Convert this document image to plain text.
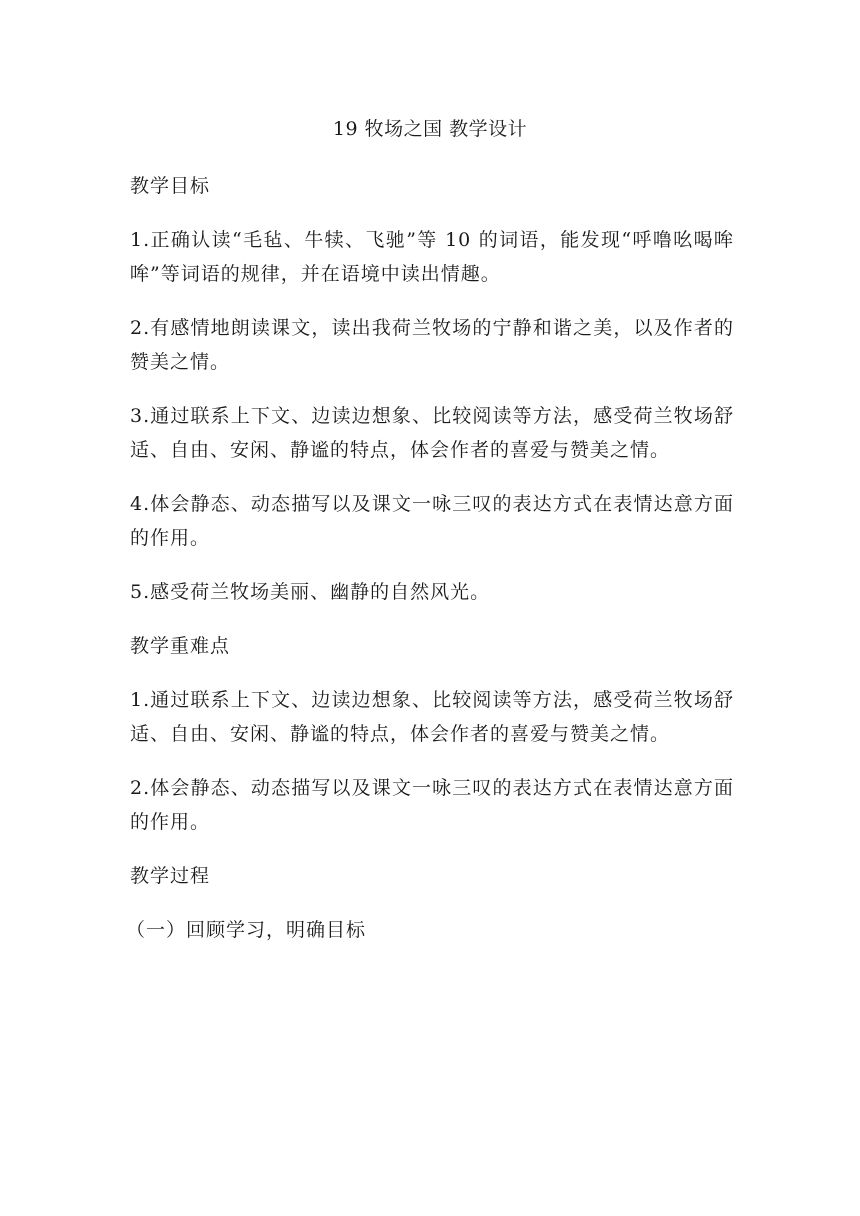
19 牧场之国 教学设计

教学目标

1.正确认读“毛毡、牛犊、飞驰”等 10 的词语，能发现“呼噜吆喝哞哞”等词语的规律，并在语境中读出情趣。

2.有感情地朗读课文，读出我荷兰牧场的宁静和谐之美，以及作者的赞美之情。

3.通过联系上下文、边读边想象、比较阅读等方法，感受荷兰牧场舒适、自由、安闲、静谧的特点，体会作者的喜爱与赞美之情。

4.体会静态、动态描写以及课文一咏三叹的表达方式在表情达意方面的作用。

5.感受荷兰牧场美丽、幽静的自然风光。

教学重难点

1.通过联系上下文、边读边想象、比较阅读等方法，感受荷兰牧场舒适、自由、安闲、静谧的特点，体会作者的喜爱与赞美之情。

2.体会静态、动态描写以及课文一咏三叹的表达方式在表情达意方面的作用。

教学过程

（一）回顾学习，明确目标
